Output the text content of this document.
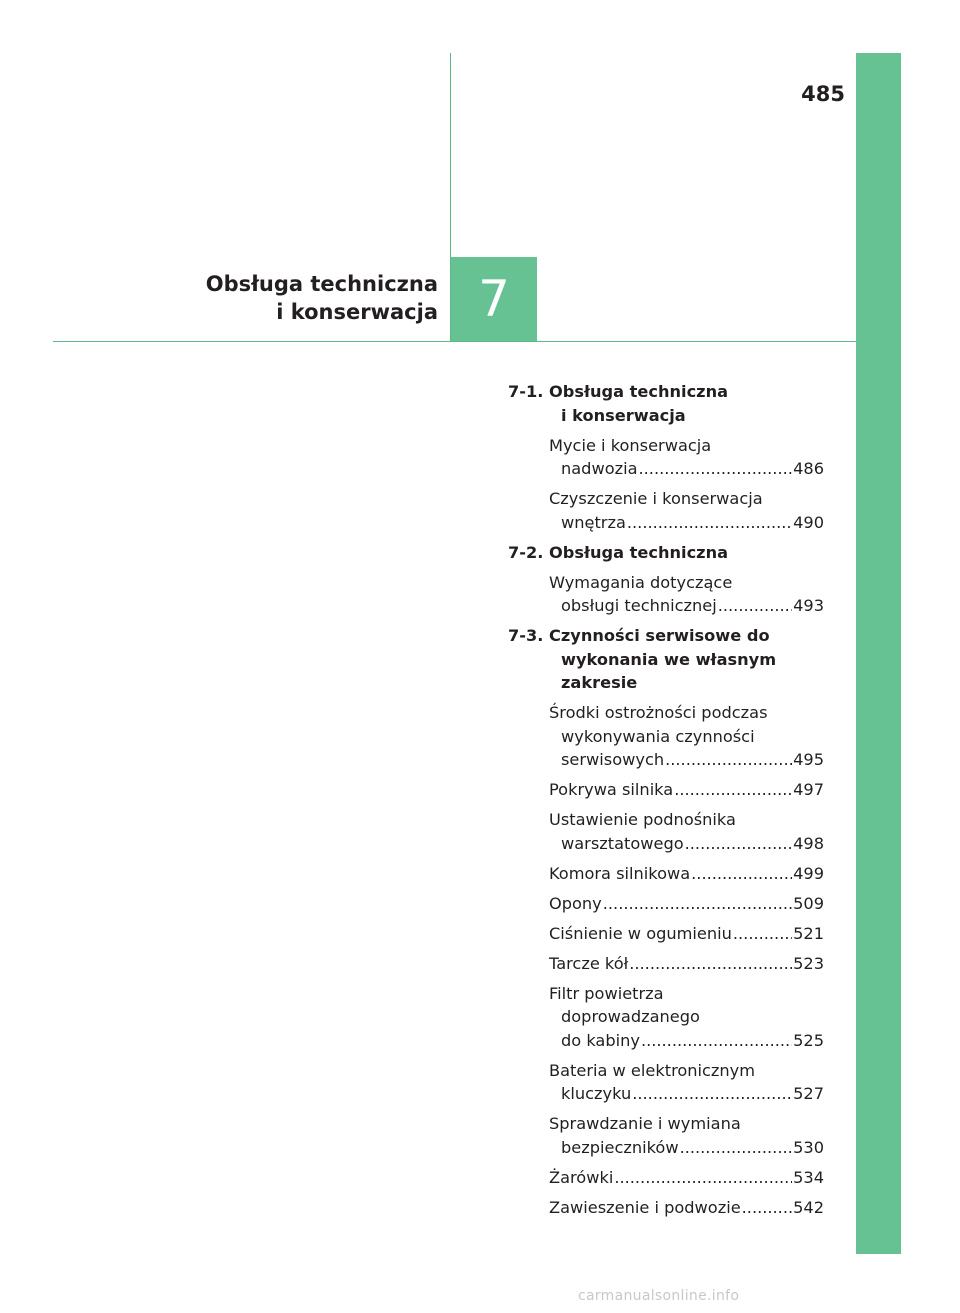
485
Obsługa techniczna
i konserwacja 7
7-1. Obsługa techniczna
i konserwacja
Mycie i konserwacja
nadwozia .....	486
Czyszczenie i konserwacja
wnętrza .....	490
7-2. Obsługa techniczna
Wymagania dotyczące
obsługi technicznej .....	493
7-3. Czynności serwisowe do
wykonania we własnym
zakresie
Środki ostrożności podczas
wykonywania czynności
serwisowych .....	495
Pokrywa silnika .....	497
Ustawienie podnośnika
warsztatowego .....	498
Komora silnikowa .....	499
Opony .....	509
Ciśnienie w ogumieniu .....	521
Tarcze kół .....	523
Filtr powietrza
doprowadzanego
do kabiny .....	525
Bateria w elektronicznym
kluczyku .....	527
Sprawdzanie i wymiana
bezpieczników .....	530
Żarówki .....	534
Zawieszenie i podwozie .....	542
carmanualsonline.info
